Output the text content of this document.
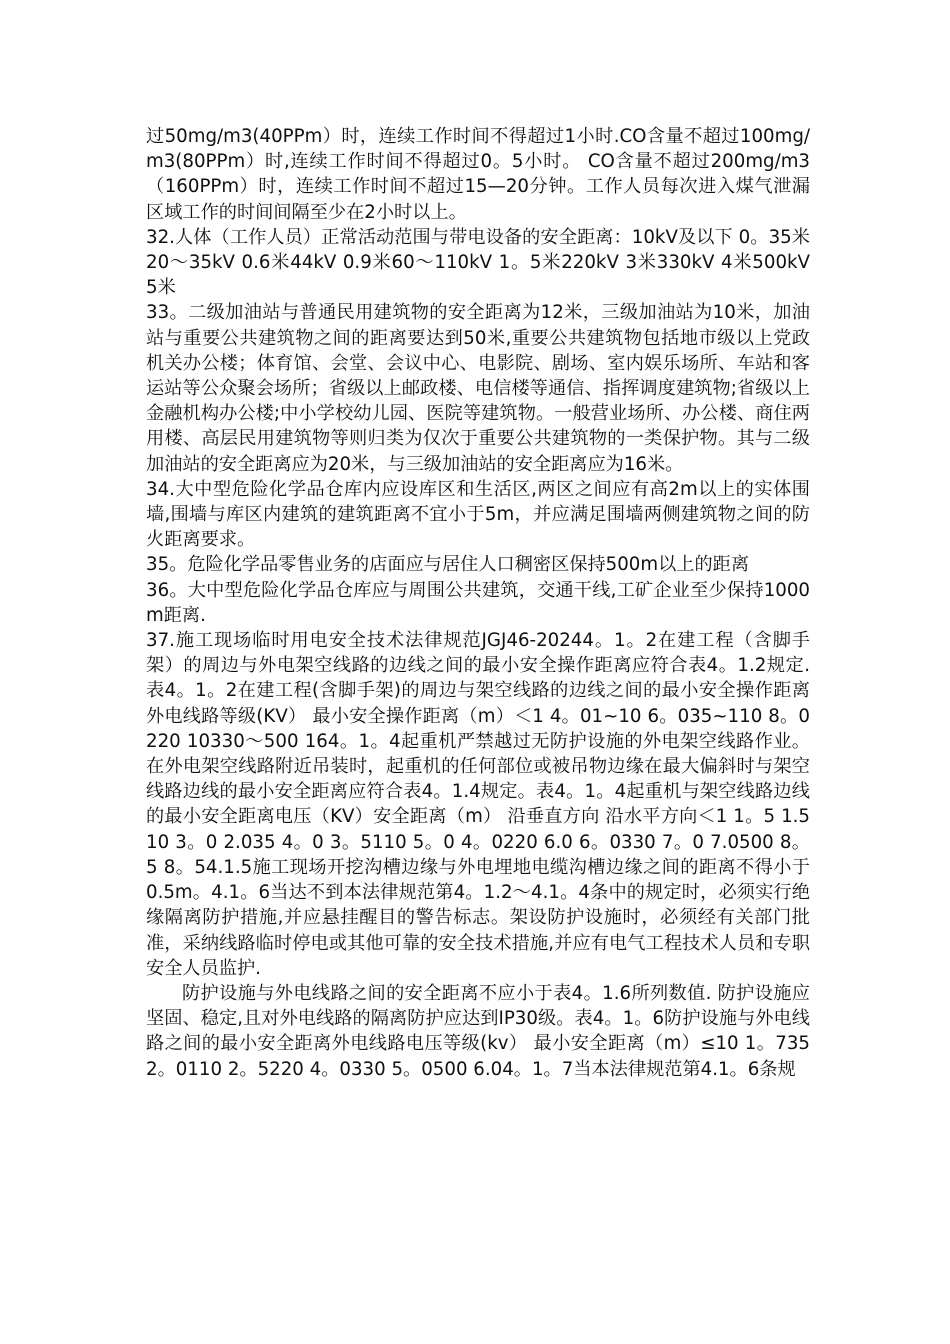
过50mg/m3(40PPm）时，连续工作时间不得超过1小时.CO含量不超过100mg/m3(80PPm）时,连续工作时间不得超过0。5小时。 CO含量不超过200mg/m3（160PPm）时，连续工作时间不超过15—20分钟。工作人员每次进入煤气泄漏区域工作的时间间隔至少在2小时以上。

32.人体（工作人员）正常活动范围与带电设备的安全距离：10kV及以下 0。35米20～35kV 0.6米44kV 0.9米60～110kV 1。5米220kV 3米330kV 4米500kV 5米

33。二级加油站与普通民用建筑物的安全距离为12米，三级加油站为10米，加油站与重要公共建筑物之间的距离要达到50米,重要公共建筑物包括地市级以上党政机关办公楼；体育馆、会堂、会议中心、电影院、剧场、室内娱乐场所、车站和客运站等公众聚会场所；省级以上邮政楼、电信楼等通信、指挥调度建筑物;省级以上金融机构办公楼;中小学校幼儿园、医院等建筑物。一般营业场所、办公楼、商住两用楼、高层民用建筑物等则归类为仅次于重要公共建筑物的一类保护物。其与二级加油站的安全距离应为20米，与三级加油站的安全距离应为16米。

34.大中型危险化学品仓库内应设库区和生活区,两区之间应有高2m以上的实体围墙,围墙与库区内建筑的建筑距离不宜小于5m，并应满足围墙两侧建筑物之间的防火距离要求。

35。危险化学品零售业务的店面应与居住人口稠密区保持500m以上的距离

36。大中型危险化学品仓库应与周围公共建筑，交通干线,工矿企业至少保持1000m距离.

37.施工现场临时用电安全技术法律规范JGJ46-20244。1。2在建工程（含脚手架）的周边与外电架空线路的边线之间的最小安全操作距离应符合表4。1.2规定.表4。1。2在建工程(含脚手架)的周边与架空线路的边线之间的最小安全操作距离外电线路等级(KV） 最小安全操作距离（m）＜1 4。01~10 6。035~110 8。0220 10330～500 164。1。4起重机严禁越过无防护设施的外电架空线路作业。在外电架空线路附近吊装时，起重机的任何部位或被吊物边缘在最大偏斜时与架空线路边线的最小安全距离应符合表4。1.4规定。表4。1。4起重机与架空线路边线的最小安全距离电压（KV）安全距离（m） 沿垂直方向 沿水平方向＜1 1。5 1.510 3。0 2.035 4。0 3。5110 5。0 4。0220 6.0 6。0330 7。0 7.0500 8。5 8。54.1.5施工现场开挖沟槽边缘与外电埋地电缆沟槽边缘之间的距离不得小于0.5m。4.1。6当达不到本法律规范第4。1.2～4.1。4条中的规定时，必须实行绝缘隔离防护措施,并应悬挂醒目的警告标志。架设防护设施时，必须经有关部门批准，采纳线路临时停电或其他可靠的安全技术措施,并应有电气工程技术人员和专职安全人员监护.

防护设施与外电线路之间的安全距离不应小于表4。1.6所列数值. 防护设施应坚固、稳定,且对外电线路的隔离防护应达到IP30级。表4。1。6防护设施与外电线路之间的最小安全距离外电线路电压等级(kv） 最小安全距离（m）≤10 1。735 2。0110 2。5220 4。0330 5。0500 6.04。1。7当本法律规范第4.1。6条规
